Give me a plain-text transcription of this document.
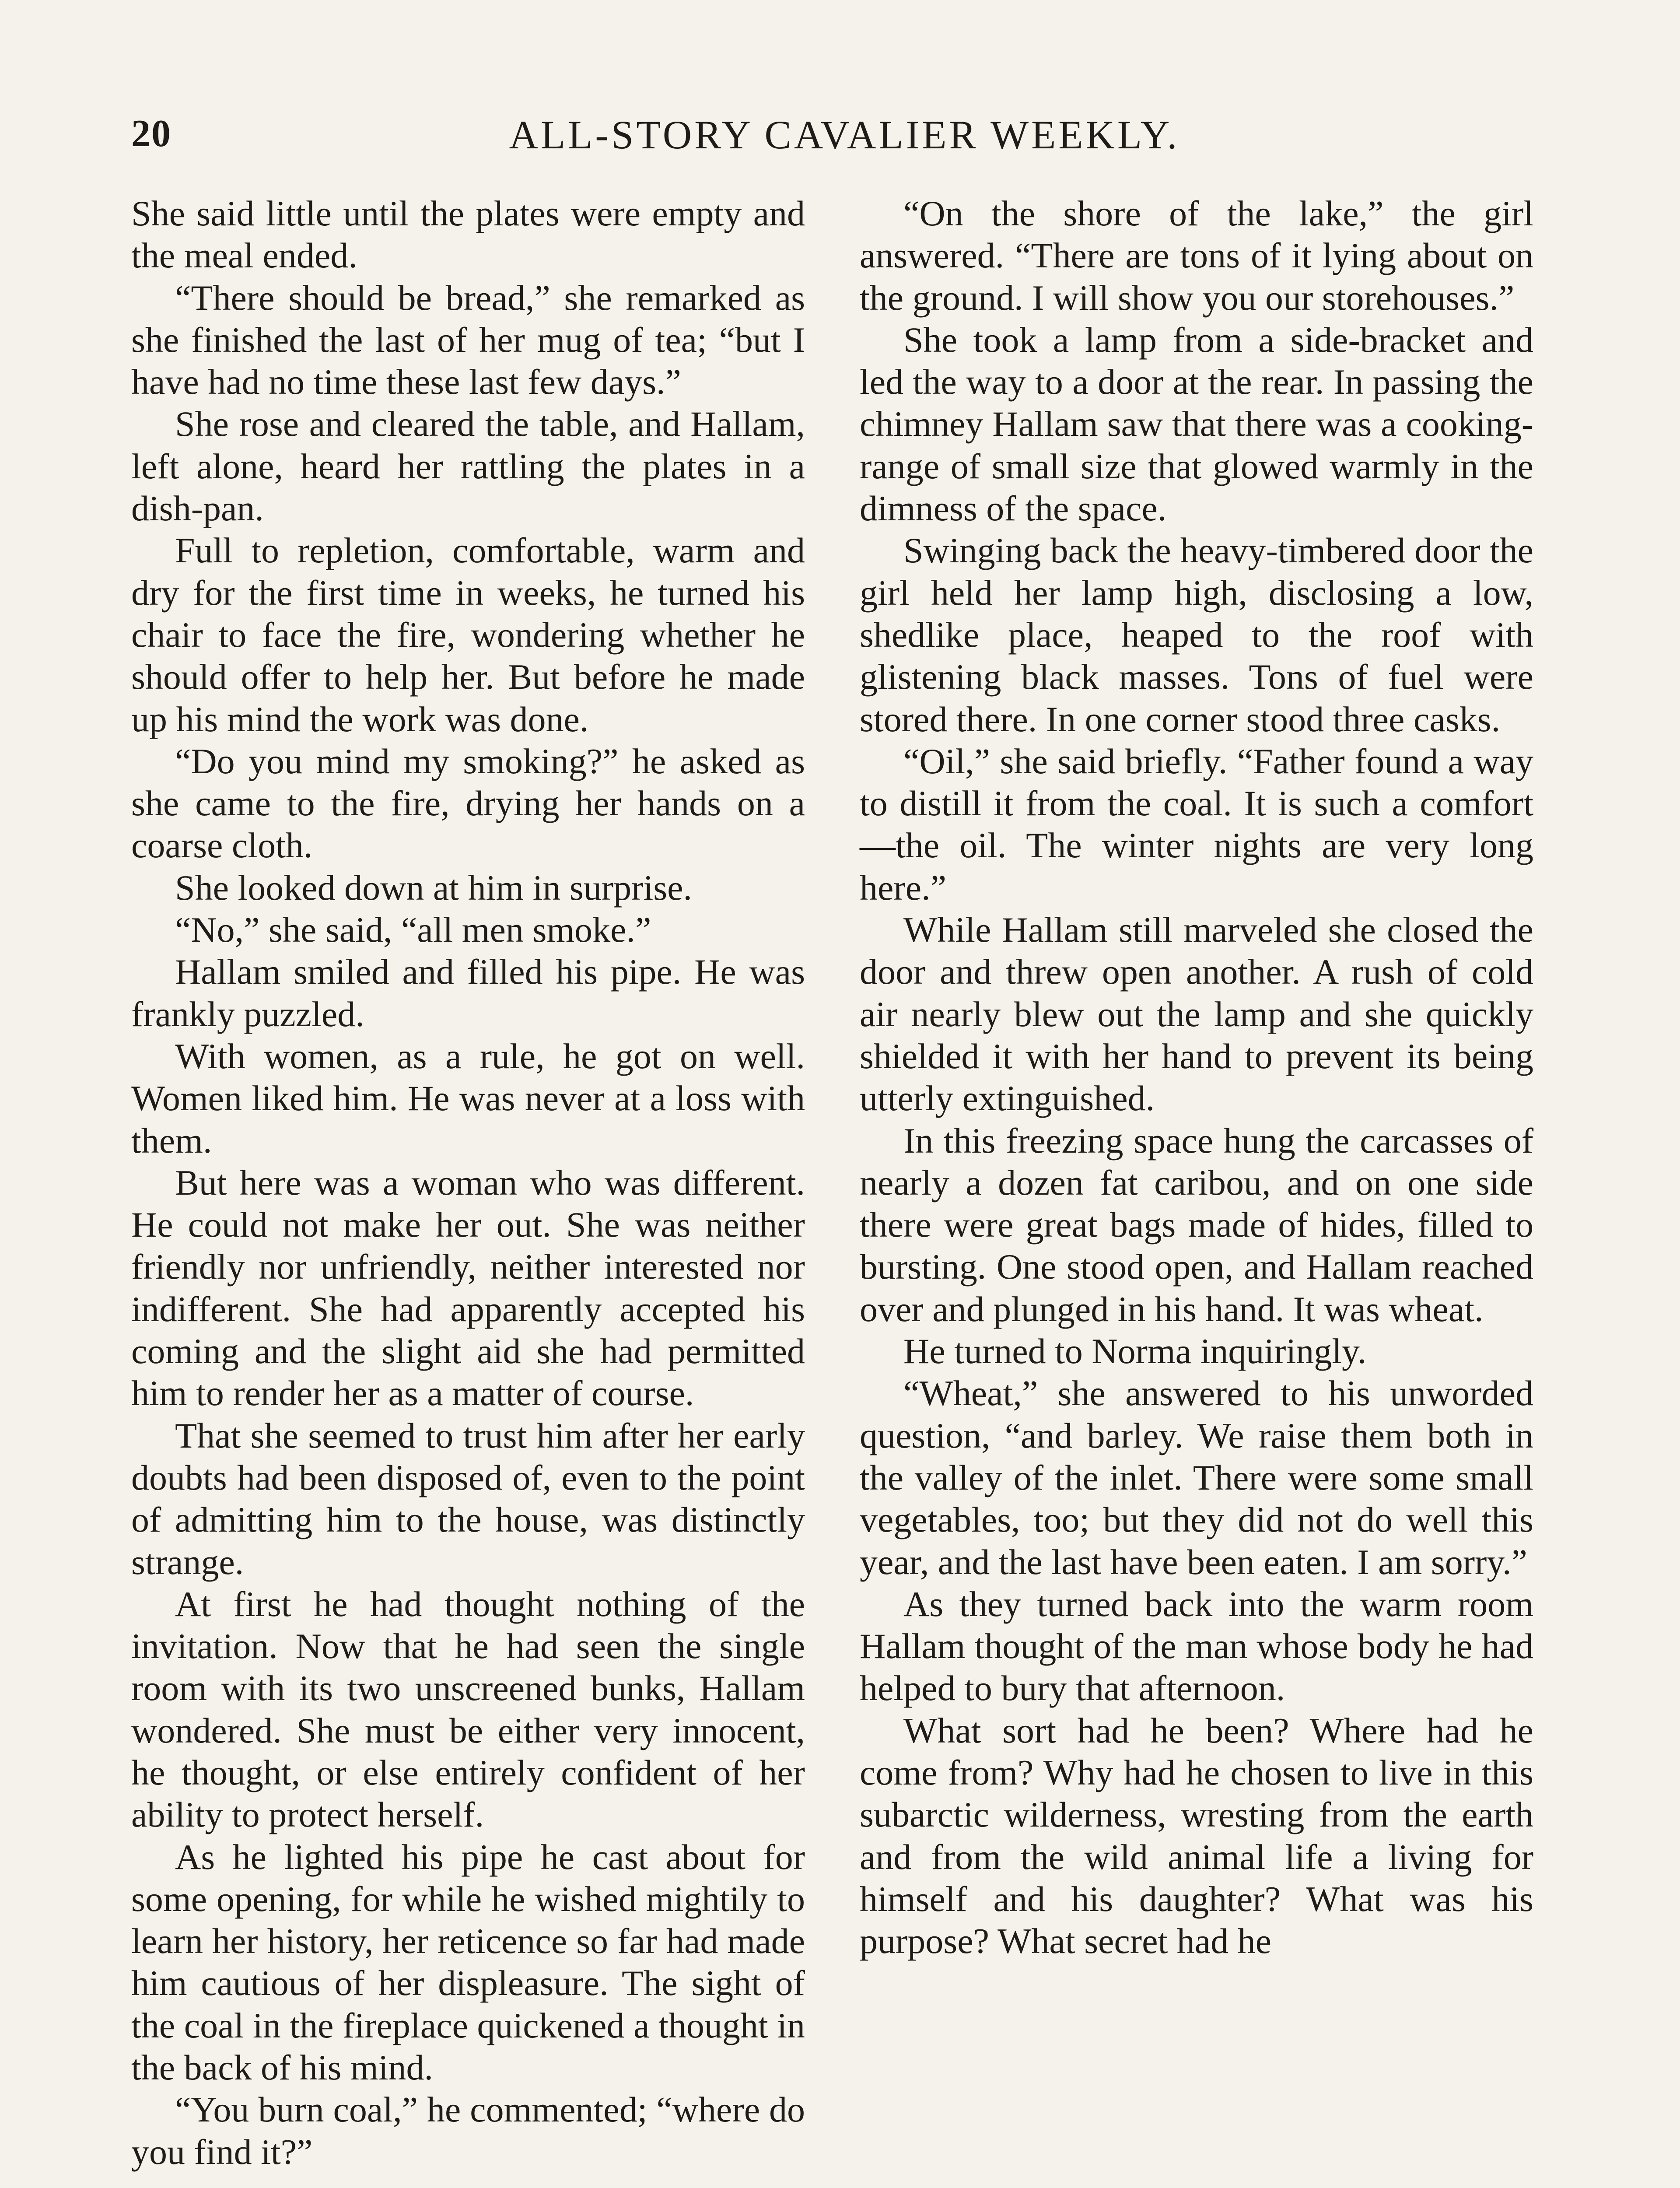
20	ALL-STORY CAVALIER WEEKLY.

She said little until the plates were empty and the meal ended.

“There should be bread,” she remarked as she finished the last of her mug of tea; “but I have had no time these last few days.”

She rose and cleared the table, and Hallam, left alone, heard her rattling the plates in a dish-pan.

Full to repletion, comfortable, warm and dry for the first time in weeks, he turned his chair to face the fire, wondering whether he should offer to help her. But before he made up his mind the work was done.

“Do you mind my smoking?” he asked as she came to the fire, drying her hands on a coarse cloth.

She looked down at him in surprise.

“No,” she said, “all men smoke.”

Hallam smiled and filled his pipe. He was frankly puzzled.

With women, as a rule, he got on well. Women liked him. He was never at a loss with them.

But here was a woman who was different. He could not make her out. She was neither friendly nor unfriendly, neither interested nor indifferent. She had apparently accepted his coming and the slight aid she had permitted him to render her as a matter of course.

That she seemed to trust him after her early doubts had been disposed of, even to the point of admitting him to the house, was distinctly strange.

At first he had thought nothing of the invitation. Now that he had seen the single room with its two unscreened bunks, Hallam wondered. She must be either very innocent, he thought, or else entirely confident of her ability to protect herself.

As he lighted his pipe he cast about for some opening, for while he wished mightily to learn her history, her reticence so far had made him cautious of her displeasure. The sight of the coal in the fireplace quickened a thought in the back of his mind.

“You burn coal,” he commented; “where do you find it?”

“On the shore of the lake,” the girl answered. “There are tons of it lying about on the ground. I will show you our storehouses.”

She took a lamp from a side-bracket and led the way to a door at the rear. In passing the chimney Hallam saw that there was a cooking-range of small size that glowed warmly in the dimness of the space.

Swinging back the heavy-timbered door the girl held her lamp high, disclosing a low, shedlike place, heaped to the roof with glistening black masses. Tons of fuel were stored there. In one corner stood three casks.

“Oil,” she said briefly. “Father found a way to distill it from the coal. It is such a comfort—the oil. The winter nights are very long here.”

While Hallam still marveled she closed the door and threw open another. A rush of cold air nearly blew out the lamp and she quickly shielded it with her hand to prevent its being utterly extinguished.

In this freezing space hung the carcasses of nearly a dozen fat caribou, and on one side there were great bags made of hides, filled to bursting. One stood open, and Hallam reached over and plunged in his hand. It was wheat.

He turned to Norma inquiringly.

“Wheat,” she answered to his unworded question, “and barley. We raise them both in the valley of the inlet. There were some small vegetables, too; but they did not do well this year, and the last have been eaten. I am sorry.”

As they turned back into the warm room Hallam thought of the man whose body he had helped to bury that afternoon.

What sort had he been? Where had he come from? Why had he chosen to live in this subarctic wilderness, wresting from the earth and from the wild animal life a living for himself and his daughter? What was his purpose? What secret had he
